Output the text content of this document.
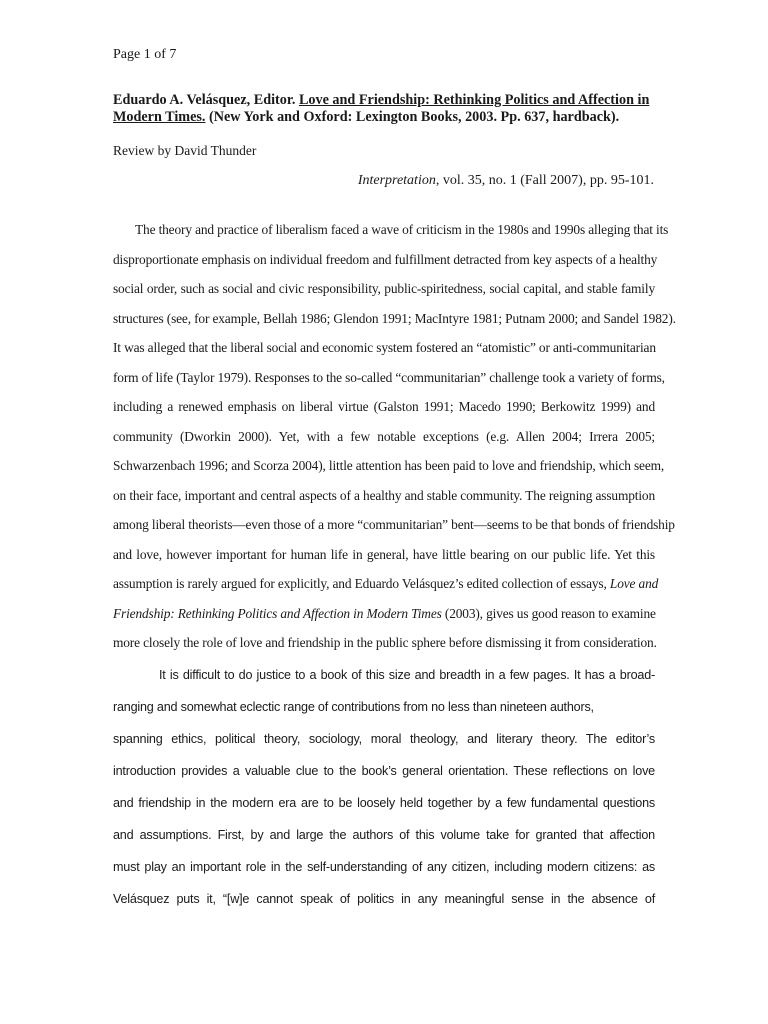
Page 1 of 7
Eduardo A. Velásquez, Editor. Love and Friendship: Rethinking Politics and Affection in Modern Times. (New York and Oxford: Lexington Books, 2003. Pp. 637, hardback).
Review by David Thunder
Interpretation, vol. 35, no. 1 (Fall 2007), pp. 95-101.
The theory and practice of liberalism faced a wave of criticism in the 1980s and 1990s alleging that its
disproportionate emphasis on individual freedom and fulfillment detracted from key aspects of a healthy
social order, such as social and civic responsibility, public-spiritedness, social capital, and stable family
structures (see, for example, Bellah 1986; Glendon 1991; MacIntyre 1981; Putnam 2000; and Sandel 1982).
It was alleged that the liberal social and economic system fostered an “atomistic” or anti-communitarian
form of life (Taylor 1979). Responses to the so-called “communitarian” challenge took a variety of forms,
including a renewed emphasis on liberal virtue (Galston 1991; Macedo 1990; Berkowitz 1999) and
community (Dworkin 2000). Yet, with a few notable exceptions (e.g. Allen 2004; Irrera 2005;
Schwarzenbach 1996; and Scorza 2004), little attention has been paid to love and friendship, which seem,
on their face, important and central aspects of a healthy and stable community. The reigning assumption
among liberal theorists—even those of a more “communitarian” bent—seems to be that bonds of friendship
and love, however important for human life in general, have little bearing on our public life. Yet this
assumption is rarely argued for explicitly, and Eduardo Velásquez’s edited collection of essays, Love and
Friendship: Rethinking Politics and Affection in Modern Times (2003), gives us good reason to examine
more closely the role of love and friendship in the public sphere before dismissing it from consideration.
It is difficult to do justice to a book of this size and breadth in a few pages. It has a broad-
ranging and somewhat eclectic range of contributions from no less than nineteen authors,
spanning ethics, political theory, sociology, moral theology, and literary theory. The editor’s
introduction provides a valuable clue to the book’s general orientation. These reflections on love
and friendship in the modern era are to be loosely held together by a few fundamental questions
and assumptions. First, by and large the authors of this volume take for granted that affection
must play an important role in the self-understanding of any citizen, including modern citizens: as
Velásquez puts it, “[w]e cannot speak of politics in any meaningful sense in the absence of
